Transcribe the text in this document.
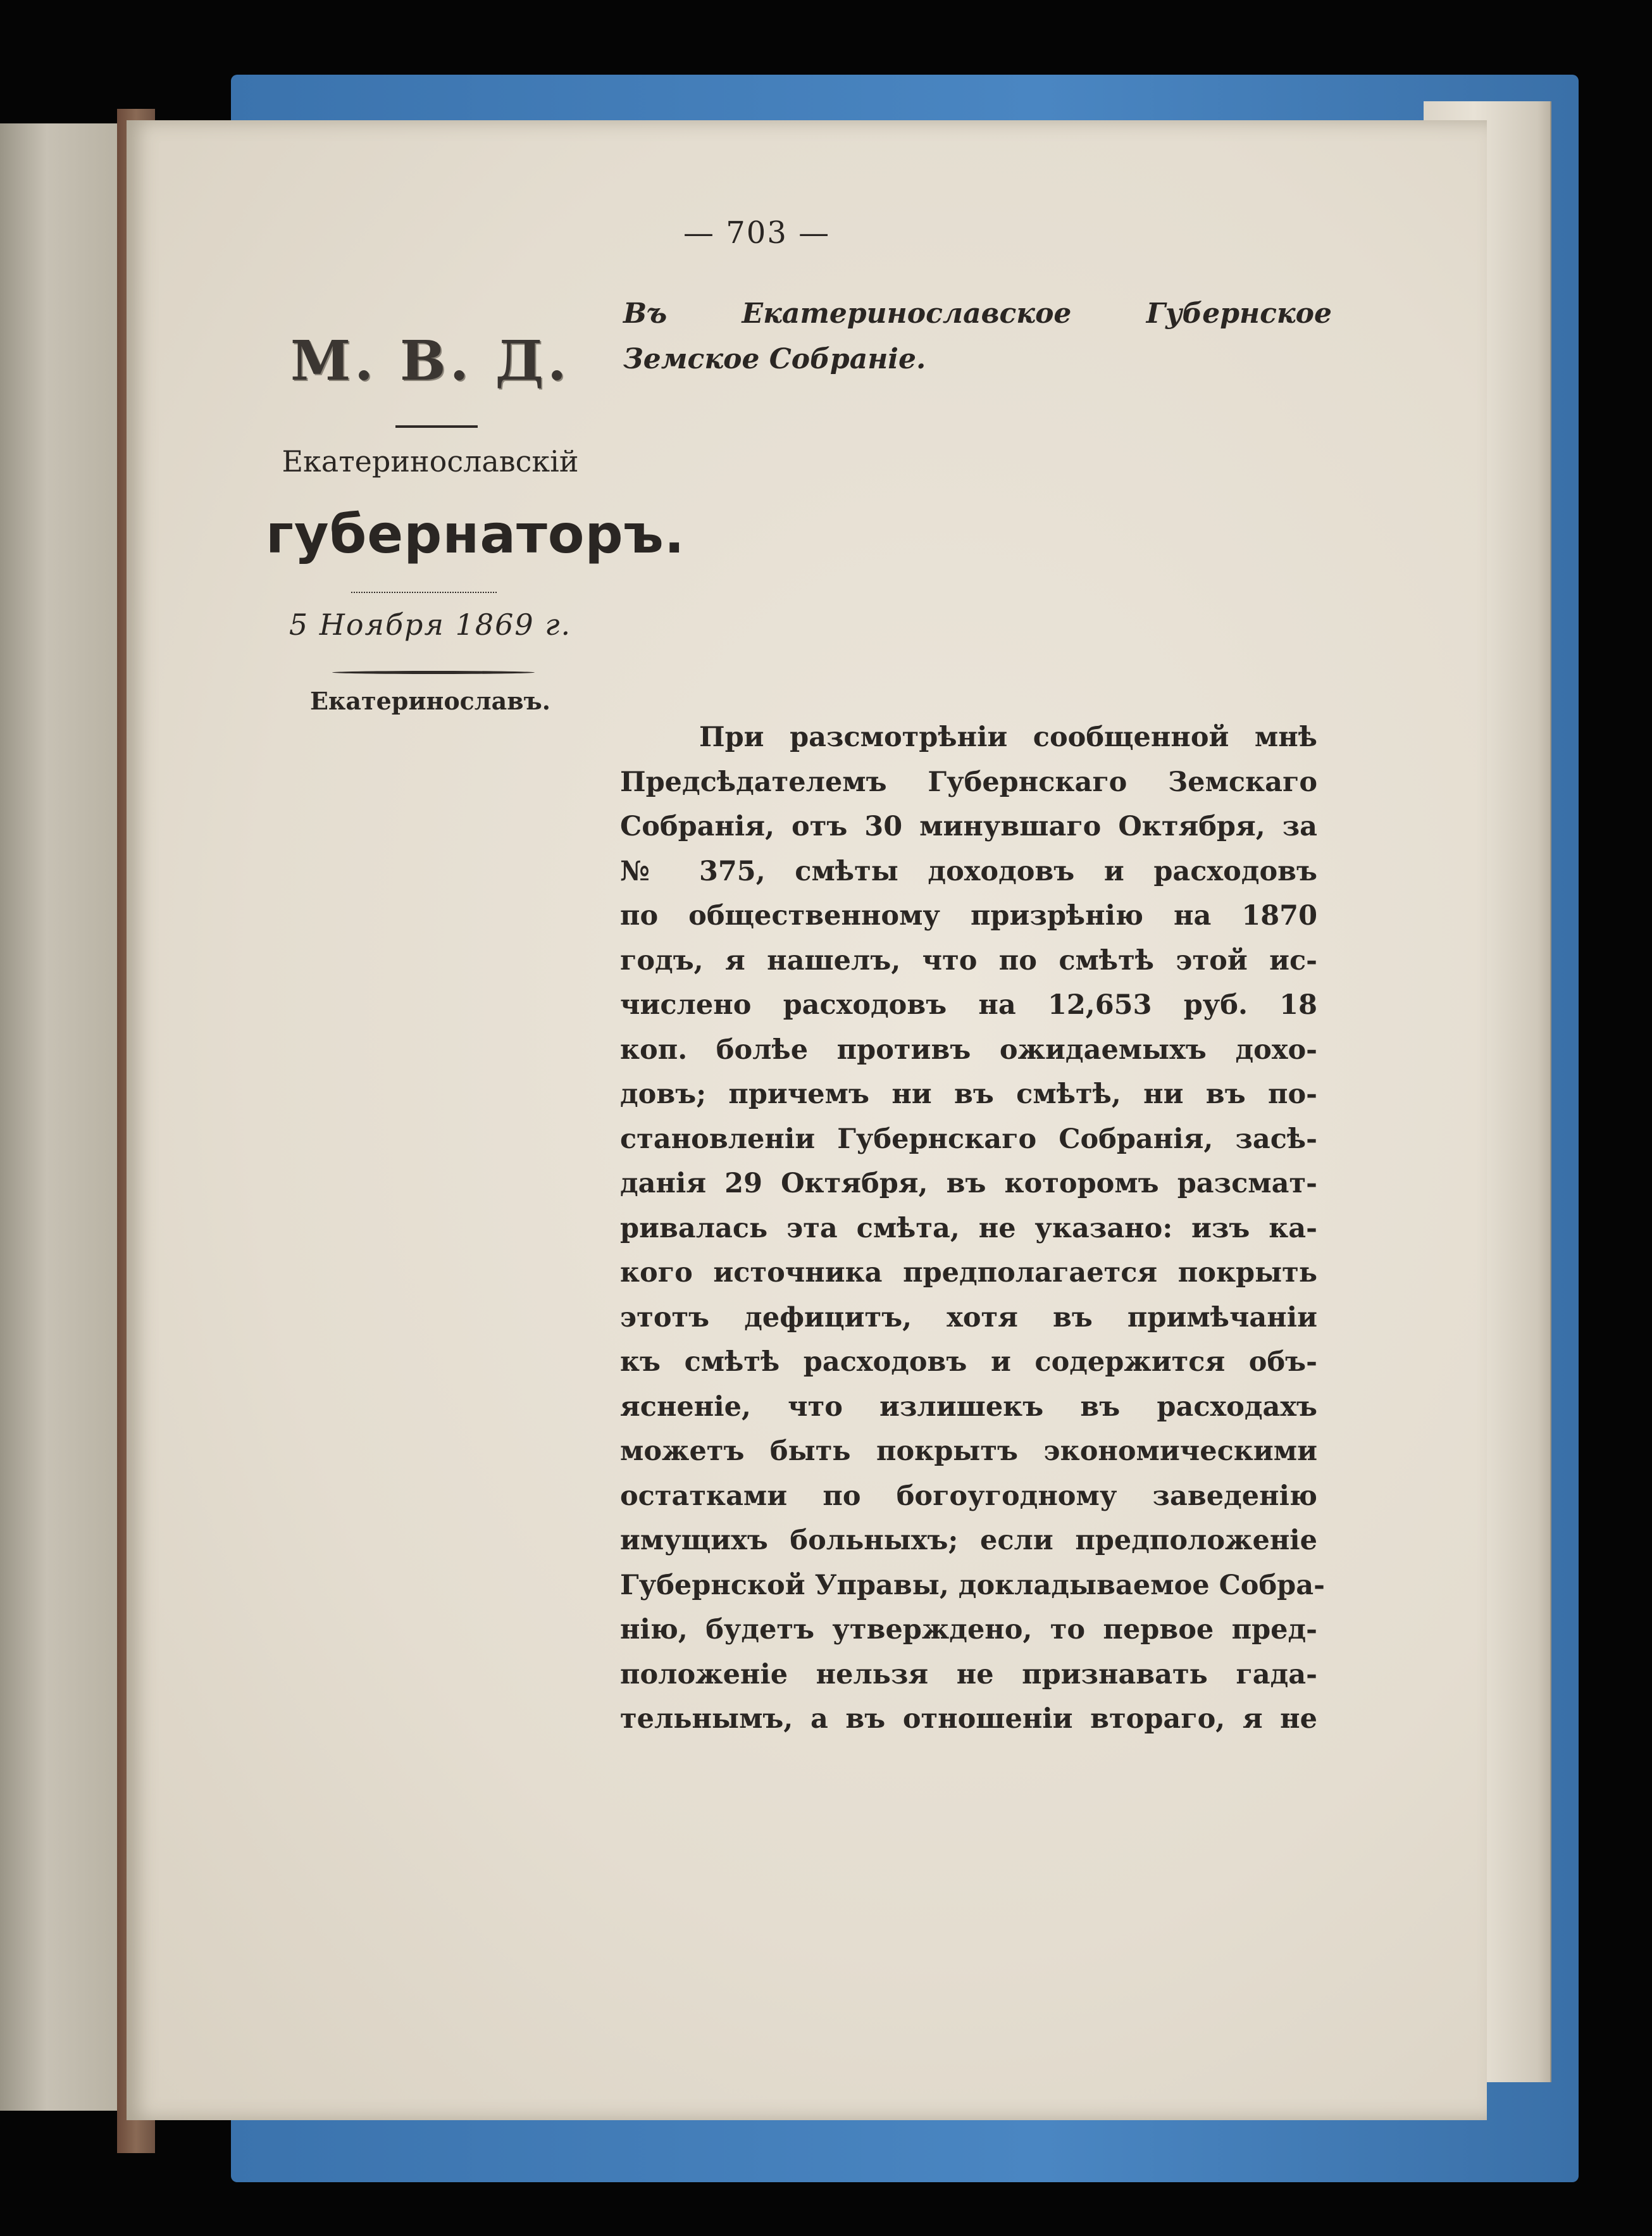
— 703 —
Въ Екатеринославское Губернское
Земское Собраніе.
М. В. Д.
Екатеринославскій
губернаторъ.
5 Ноября 1869 г.
Екатеринославъ.
При разсмотрѣніи сообщенной мнѣ
Предсѣдателемъ Губернскаго Земскаго
Собранія, отъ 30 минувшаго Октября, за
№ 375, смѣты доходовъ и расходовъ
по общественному призрѣнію на 1870
годъ, я нашелъ, что по смѣтѣ этой ис-
числено расходовъ на 12,653 руб. 18
коп. болѣе противъ ожидаемыхъ дохо-
довъ; причемъ ни въ смѣтѣ, ни въ по-
становленіи Губернскаго Собранія, засѣ-
данія 29 Октября, въ которомъ разсмат-
ривалась эта смѣта, не указано: изъ ка-
кого источника предполагается покрыть
этотъ дефицитъ, хотя въ примѣчаніи
къ смѣтѣ расходовъ и содержится объ-
ясненіе, что излишекъ въ расходахъ
можетъ быть покрытъ экономическими
остатками по богоугодному заведенію
имущихъ больныхъ; если предположеніе
Губернской Управы, докладываемое Собра-
нію, будетъ утверждено, то первое пред-
положеніе нельзя не признавать гада-
тельнымъ, а въ отношеніи втораго, я не
